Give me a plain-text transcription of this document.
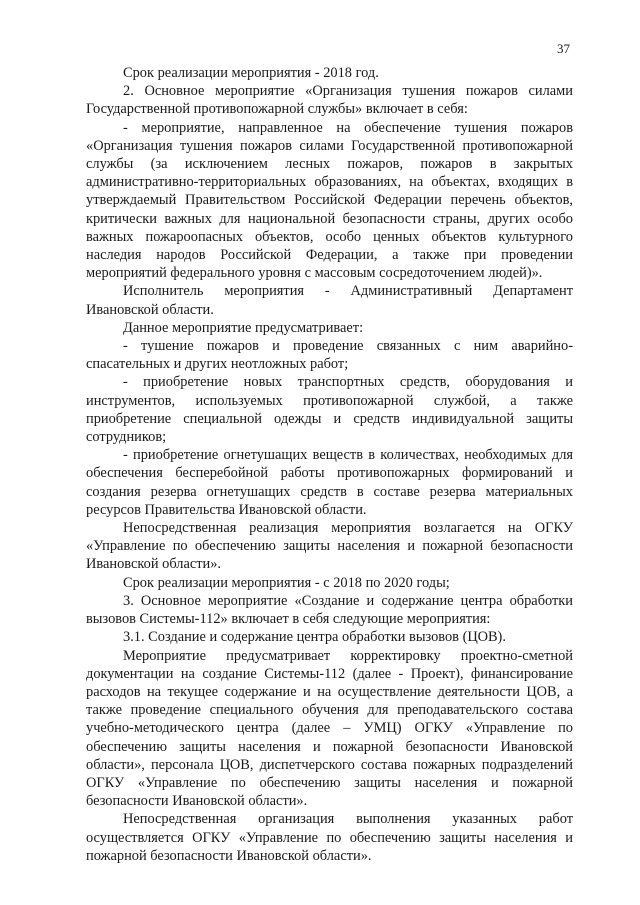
37

Срок реализации мероприятия - 2018 год.

2. Основное мероприятие «Организация тушения пожаров силами Государственной противопожарной службы» включает в себя:

- мероприятие, направленное на обеспечение тушения пожаров «Организация тушения пожаров силами Государственной противопожарной службы (за исключением лесных пожаров, пожаров в закрытых административно-территориальных образованиях, на объектах, входящих в утверждаемый Правительством Российской Федерации перечень объектов, критически важных для национальной безопасности страны, других особо важных пожароопасных объектов, особо ценных объектов культурного наследия народов Российской Федерации, а также при проведении мероприятий федерального уровня с массовым сосредоточением людей)».

Исполнитель мероприятия - Административный Департамент Ивановской области.

Данное мероприятие предусматривает:

- тушение пожаров и проведение связанных с ним аварийно-спасательных и других неотложных работ;

- приобретение новых транспортных средств, оборудования и инструментов, используемых противопожарной службой, а также приобретение специальной одежды и средств индивидуальной защиты сотрудников;

- приобретение огнетушащих веществ в количествах, необходимых для обеспечения бесперебойной работы противопожарных формирований и создания резерва огнетушащих средств в составе резерва материальных ресурсов Правительства Ивановской области.

Непосредственная реализация мероприятия возлагается на ОГКУ «Управление по обеспечению защиты населения и пожарной безопасности Ивановской области».

Срок реализации мероприятия - с 2018 по 2020 годы;

3. Основное мероприятие «Создание и содержание центра обработки вызовов Системы-112» включает в себя следующие мероприятия:

3.1. Создание и содержание центра обработки вызовов (ЦОВ).

Мероприятие предусматривает корректировку проектно-сметной документации на создание Системы-112 (далее - Проект), финансирование расходов на текущее содержание и на осуществление деятельности ЦОВ, а также проведение специального обучения для преподавательского состава учебно-методического центра (далее – УМЦ) ОГКУ «Управление по обеспечению защиты населения и пожарной безопасности Ивановской области», персонала ЦОВ, диспетчерского состава пожарных подразделений ОГКУ «Управление по обеспечению защиты населения и пожарной безопасности Ивановской области».

Непосредственная организация выполнения указанных работ осуществляется ОГКУ «Управление по обеспечению защиты населения и пожарной безопасности Ивановской области».
